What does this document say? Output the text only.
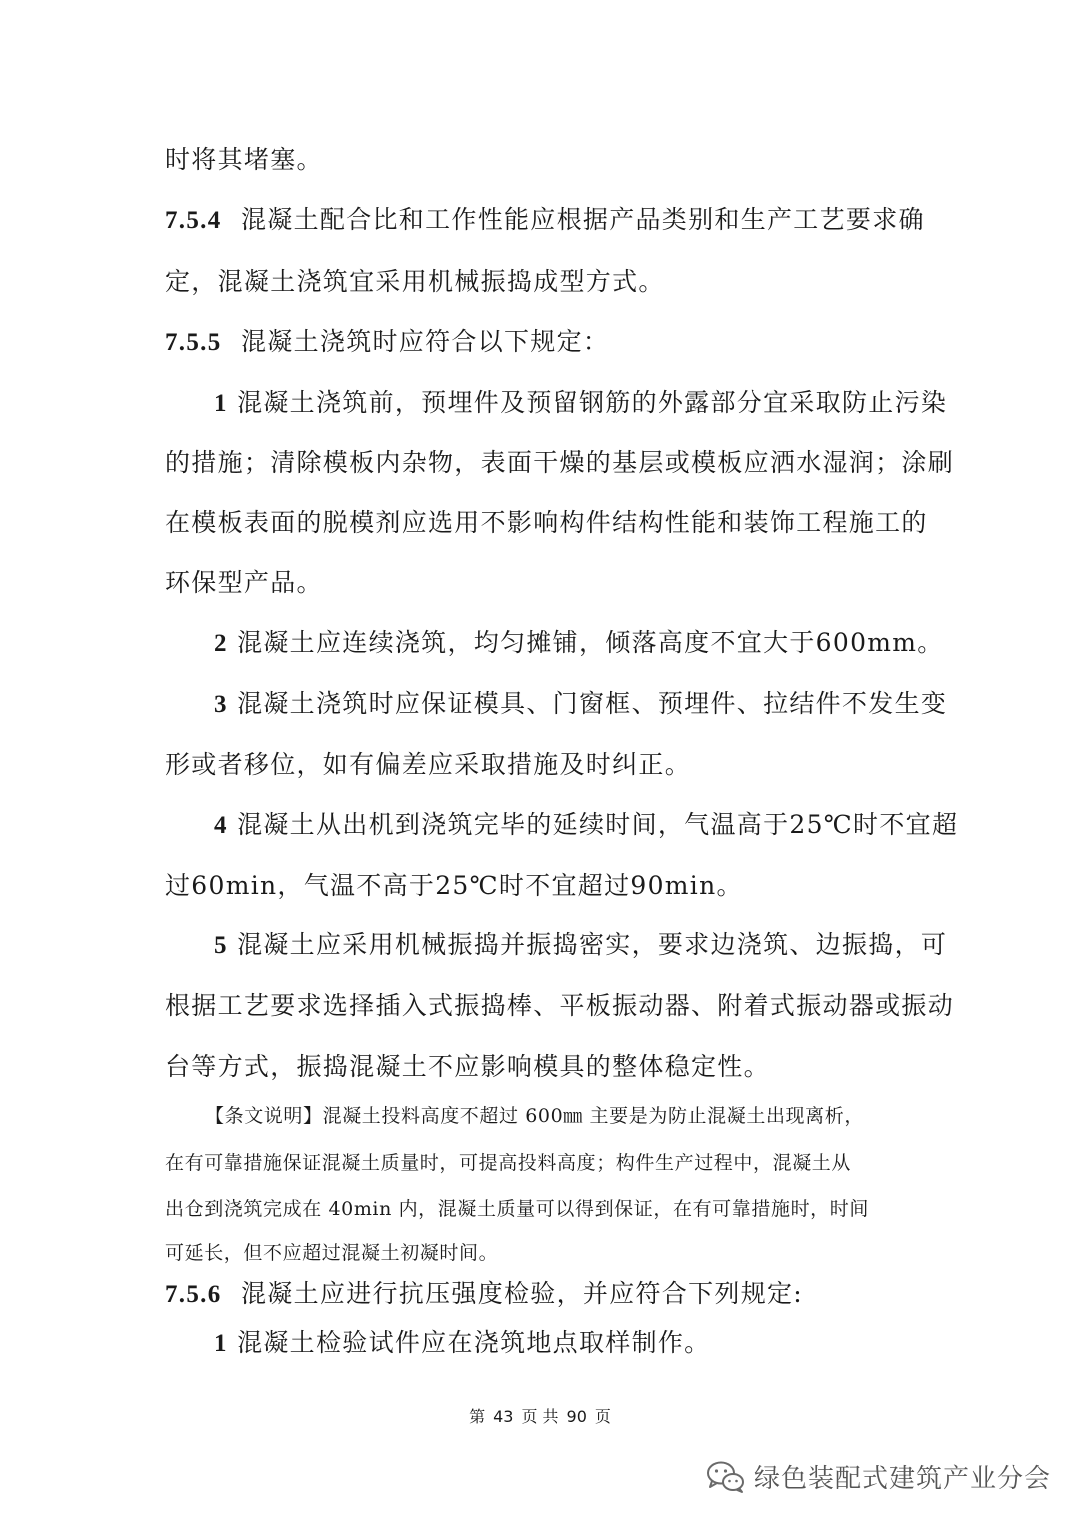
时将其堵塞。
7.5.4 混凝土配合比和工作性能应根据产品类别和生产工艺要求确
定，混凝土浇筑宜采用机械振捣成型方式。
7.5.5 混凝土浇筑时应符合以下规定：
1 混凝土浇筑前，预埋件及预留钢筋的外露部分宜采取防止污染
的措施；清除模板内杂物，表面干燥的基层或模板应洒水湿润；涂刷
在模板表面的脱模剂应选用不影响构件结构性能和装饰工程施工的
环保型产品。
2 混凝土应连续浇筑，均匀摊铺，倾落高度不宜大于600mm。
3 混凝土浇筑时应保证模具、门窗框、预埋件、拉结件不发生变
形或者移位，如有偏差应采取措施及时纠正。
4 混凝土从出机到浇筑完毕的延续时间，气温高于25℃时不宜超
过60min，气温不高于25℃时不宜超过90min。
5 混凝土应采用机械振捣并振捣密实，要求边浇筑、边振捣，可
根据工艺要求选择插入式振捣棒、平板振动器、附着式振动器或振动
台等方式，振捣混凝土不应影响模具的整体稳定性。
【条文说明】混凝土投料高度不超过 600㎜ 主要是为防止混凝土出现离析，
在有可靠措施保证混凝土质量时，可提高投料高度；构件生产过程中，混凝土从
出仓到浇筑完成在 40min 内，混凝土质量可以得到保证，在有可靠措施时，时间
可延长，但不应超过混凝土初凝时间。
7.5.6 混凝土应进行抗压强度检验，并应符合下列规定:
1 混凝土检验试件应在浇筑地点取样制作。
第 43 页 共 90 页
绿色装配式建筑产业分会
